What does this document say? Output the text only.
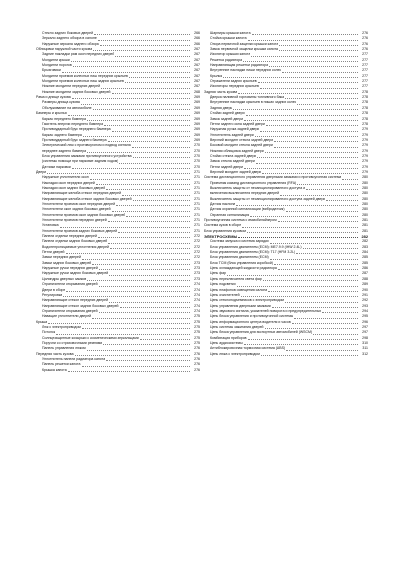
Стекло задних боковых дверей	266
Зеркало заднего обзора в салоне	266
Наружные зеркала заднего обзора	266
Облицовки наружной части кузова	267
Задние накладки рам окон передних дверей	267
Молдинги крыши	267
Молдинги порогов	267
Брызговики	267
Молдинги проемов колесных ниш передних крыльев	267
Молдинги проемов колесных ниш задних крыльев	267
Нижние молдинги передних дверей	267
Нижние молдинги задних боковых дверей	268
Рама и днище кузова	269
Размеры днища кузова	269
Обслуживание на автомобиле	269
Бамперы и крылья	269
Каркас переднего бампера	269
Гаситель энергии переднего бампера	269
Противоударный брус переднего бампера	269
Каркас заднего бампера	269
Противоударный брус заднего бампера	269
Электрический люк с противоугоном и подвод сигнала	270
переднее заднего бампера	270
Блок управления замками противоугонного устройства	270
(системы помощи при парковке задним ходом)	270
Датчики парковки	270
Двери	271
Наружные уплотнители окон	271
Накладки окон передних дверей	271
Накладки окон задних боковых дверей	271
Направляющие желоба стекол передних дверей	271
Направляющие желоба стекол задних боковых дверей	271
Уплотнители проемов окон передних дверей	271
Уплотнители окон задних боковых дверей	271
Уплотнители проемов окон задних боковых дверей	271
Уплотнители проемов передних дверей	271
Установка	271
Уплотнители проемов задних боковых дверей	271
Панели отделки передних дверей	272
Панели отделки задних боковых дверей	272
Водонепроницаемые уплотнения дверей	272
Петли дверей	272
Замки передних дверей	272
Замки задних боковых дверей	273
Наружные ручки передних дверей	273
Наружные ручки задних боковых дверей	273
Цилиндры дверных замков	273
Ограничители открывания дверей	274
Двери в сборе	274
Регулировка	274
Направляющие стекол передних дверей	274
Направляющие стекол задних боковых дверей	274
Ограничители открывания дверей	274
Наващие уплотнители дверей	275
Крыша	275
Люк с электроприводом	275
Потолок	275
Солнцезащитные козырьки с косметическими зеркальцами	275
Поручни со страховочными ремнями	275
Панель управления люком	276
Передняя часть кузова	276
Уплотнитель панели радиатора капота	276
Панель решетки капота	276
Крышка капота	276
Шарниры крышки капота	276
Стойка крышки капота	276
Опора первичной защелки крышки капота	276
Замок первичной защелки крышки капота	276
Изолятор крышки капота	277
Решетка радиатора	277
Направляющая решетки радиатора	277
Внутренние накладки ниши передних колес	277
Крылья	277
Отражатели задних крыльев	277
Изоляторы передних крыльев	277
Задняя часть кузова	278
Дверка наливной горловины топливного бака	278
Внутренние накладки крыльев в нишах задних колес	278
Задняя дверь	278
Стойки задней двери	278
Замок задней двери	278
Петли заднего окна задней двери	278
Наружная ручка задней двери	279
Уплотнитель задней двери	279
Верхний молдинг стекла задней двери	279
Боковой молдинг стекла задней двери	279
Нижняя облицовка задней двери	279
Стойки стекла задней двери	279
Замок стекла задней двери	279
Петли задней двери	279
Верхний молдинг задней двери	279
Система дистанционного управления дверными замками и противоугонная система	280
Приемник команд дистанционного управления (RFA)	280
Выключатель защиты от несанкционированного доступа и	280
включения выключателя передних дверей	280
Выключатель защиты от несанкционированного доступа задней двери	280
Датчик наклона	280
Датчик охранной сигнализации (вибродатчик)	280
Охранная сигнализация	280
Противоугонная система с иммобилайзером	281
Система кузов в сборе	281
Блок управления кузовом	281
ЭЛЕКТРОСХЕМЫ	282
Система запуска и система зарядки	282
Блок управления двигателем (ECM): ME7.9.9 (IHW 2.4L)	283
Блок управления двигателем (ECM): T17 (HFM 3.2L)	284
Блок управления двигателем (ECM)	285
Блок TCM (блок управления коробкой)	285
Цепь охлаждающей жидкости радиатора	286
Цепь фар	287
Цепь переключателя света фар	288
Цепь подсветки	289
Цепь плафонов освещения салона	290
Цепь очистителей	291
Цепь стеклоподъемников с электроприводом	292
Цепь управления дверными замками	293
Цепь звукового сигнала, указателей поворота и предупредительных	294
Цепь блока управления и противоугонной системы	295
Цепь информационного центра водителя и часов	296
Цепь системы зажигания дверей	297
Цепь блока управления для экспортных автомобилей (WSCM)	297
Комбинация приборов	298
Цепь аудиосистемы	310
Антиблокировочная тормозная система (ABS)	311
Цепь люка с электроприводом	312
